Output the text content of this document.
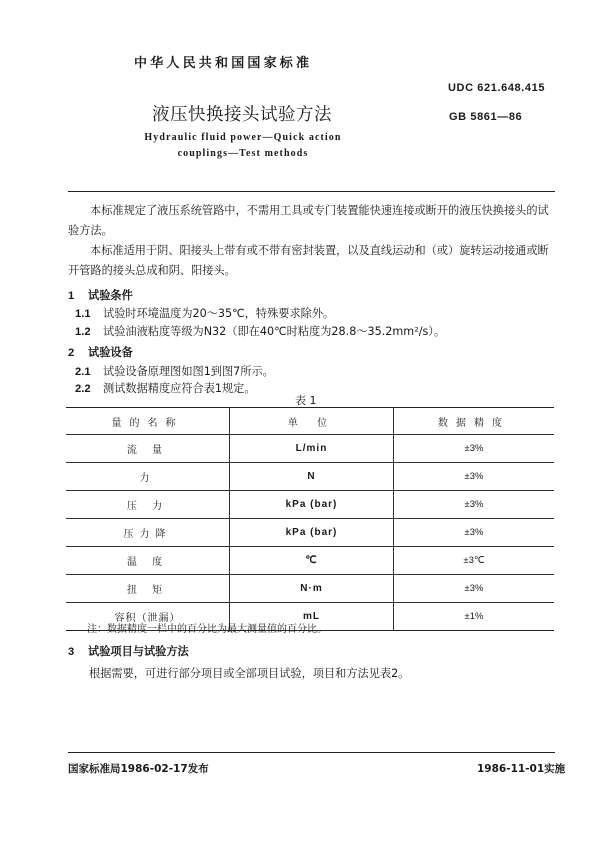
中华人民共和国国家标准
UDC 621.648.415
液压快换接头试验方法	GB 5861—86
Hydraulic fluid power—Quick action couplings—Test methods
本标准规定了液压系统管路中，不需用工具或专门装置能快速连接或断开的液压快换接头的试验方法。
本标准适用于阴、阳接头上带有或不带有密封装置，以及直线运动和（或）旋转运动接通或断开管路的接头总成和阴、阳接头。
1 试验条件
1.1 试验时环境温度为20～35℃，特殊要求除外。
1.2 试验油液粘度等级为N32（即在40℃时粘度为28.8～35.2mm²/s）。
2 试验设备
2.1 试验设备原理图如图1到图7所示。
2.2 测试数据精度应符合表1规定。
表 1
量的名称	单 位	数据精度
流 量	L/min	±3%
力	N	±3%
压 力	kPa (bar)	±3%
压力降	kPa (bar)	±3%
温 度	℃	±3℃
扭 矩	N·m	±3%
容积（泄漏）	mL	±1%
注：数据精度一栏中的百分比为最大测量值的百分比。
3 试验项目与试验方法
根据需要，可进行部分项目或全部项目试验，项目和方法见表2。
国家标准局1986-02-17发布	1986-11-01实施
